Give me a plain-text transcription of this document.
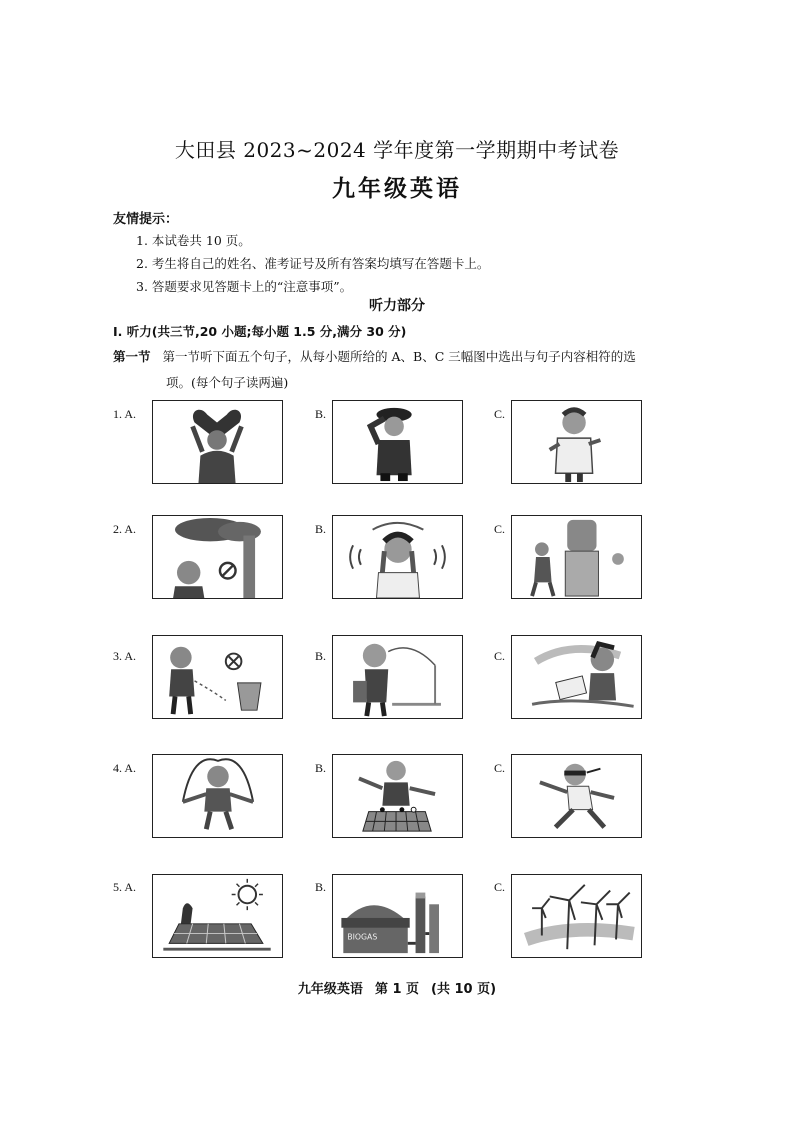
大田县 2023~2024 学年度第一学期期中考试卷
九年级英语
友情提示：
1. 本试卷共 10 页。
2. 考生将自己的姓名、准考证号及所有答案均填写在答题卡上。
3. 答题要求见答题卡上的“注意事项”。
听力部分
I. 听力(共三节,20 小题;每小题 1.5 分,满分 30 分)
第一节 第一节听下面五个句子，从每小题所给的 A、B、C 三幅图中选出与句子内容相符的选
项。(每个句子读两遍)
1. A.	B.	C.
2. A.	B.	C.
3. A.	B.	C.
4. A.	B.	C.
5. A.	B.	C.
BIOGAS
九年级英语 第 1 页 (共 10 页)
